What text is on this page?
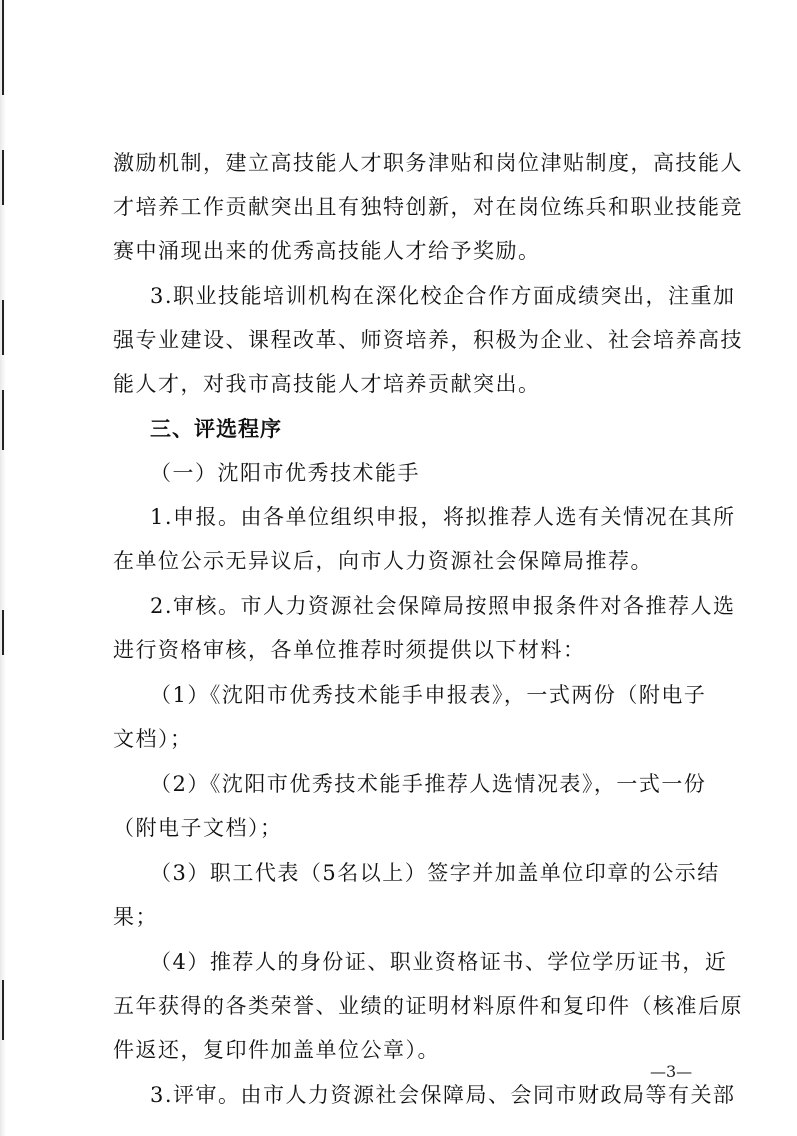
激励机制，建立高技能人才职务津贴和岗位津贴制度，高技能人
才培养工作贡献突出且有独特创新，对在岗位练兵和职业技能竞
赛中涌现出来的优秀高技能人才给予奖励。
3.职业技能培训机构在深化校企合作方面成绩突出，注重加
强专业建设、课程改革、师资培养，积极为企业、社会培养高技
能人才，对我市高技能人才培养贡献突出。
三、评选程序
（一）沈阳市优秀技术能手
1.申报。由各单位组织申报，将拟推荐人选有关情况在其所
在单位公示无异议后，向市人力资源社会保障局推荐。
2.审核。市人力资源社会保障局按照申报条件对各推荐人选
进行资格审核，各单位推荐时须提供以下材料：
（1）《沈阳市优秀技术能手申报表》，一式两份（附电子
文档）；
（2）《沈阳市优秀技术能手推荐人选情况表》，一式一份
（附电子文档）；
（3）职工代表（5名以上）签字并加盖单位印章的公示结
果；
（4）推荐人的身份证、职业资格证书、学位学历证书，近
五年获得的各类荣誉、业绩的证明材料原件和复印件（核准后原
件返还，复印件加盖单位公章）。
3.评审。由市人力资源社会保障局、会同市财政局等有关部
—3—
